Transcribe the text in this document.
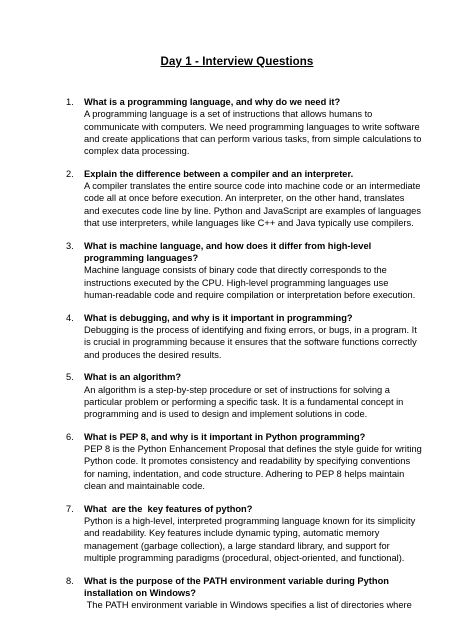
Day 1 - Interview Questions
1.	What is a programming language, and why do we need it?
A programming language is a set of instructions that allows humans to communicate with computers. We need programming languages to write software and create applications that can perform various tasks, from simple calculations to complex data processing.
2.	Explain the difference between a compiler and an interpreter.
A compiler translates the entire source code into machine code or an intermediate code all at once before execution. An interpreter, on the other hand, translates and executes code line by line. Python and JavaScript are examples of languages that use interpreters, while languages like C++ and Java typically use compilers.
3.	What is machine language, and how does it differ from high-level programming languages?
Machine language consists of binary code that directly corresponds to the instructions executed by the CPU. High-level programming languages use human-readable code and require compilation or interpretation before execution.
4.	What is debugging, and why is it important in programming?
Debugging is the process of identifying and fixing errors, or bugs, in a program. It is crucial in programming because it ensures that the software functions correctly and produces the desired results.
5.	What is an algorithm?
An algorithm is a step-by-step procedure or set of instructions for solving a particular problem or performing a specific task. It is a fundamental concept in programming and is used to design and implement solutions in code.
6.	What is PEP 8, and why is it important in Python programming?
PEP 8 is the Python Enhancement Proposal that defines the style guide for writing Python code. It promotes consistency and readability by specifying conventions for naming, indentation, and code structure. Adhering to PEP 8 helps maintain clean and maintainable code.
7.	What  are the  key features of python?
Python is a high-level, interpreted programming language known for its simplicity and readability. Key features include dynamic typing, automatic memory management (garbage collection), a large standard library, and support for multiple programming paradigms (procedural, object-oriented, and functional).
8.	What is the purpose of the PATH environment variable during Python installation on Windows?
The PATH environment variable in Windows specifies a list of directories where
